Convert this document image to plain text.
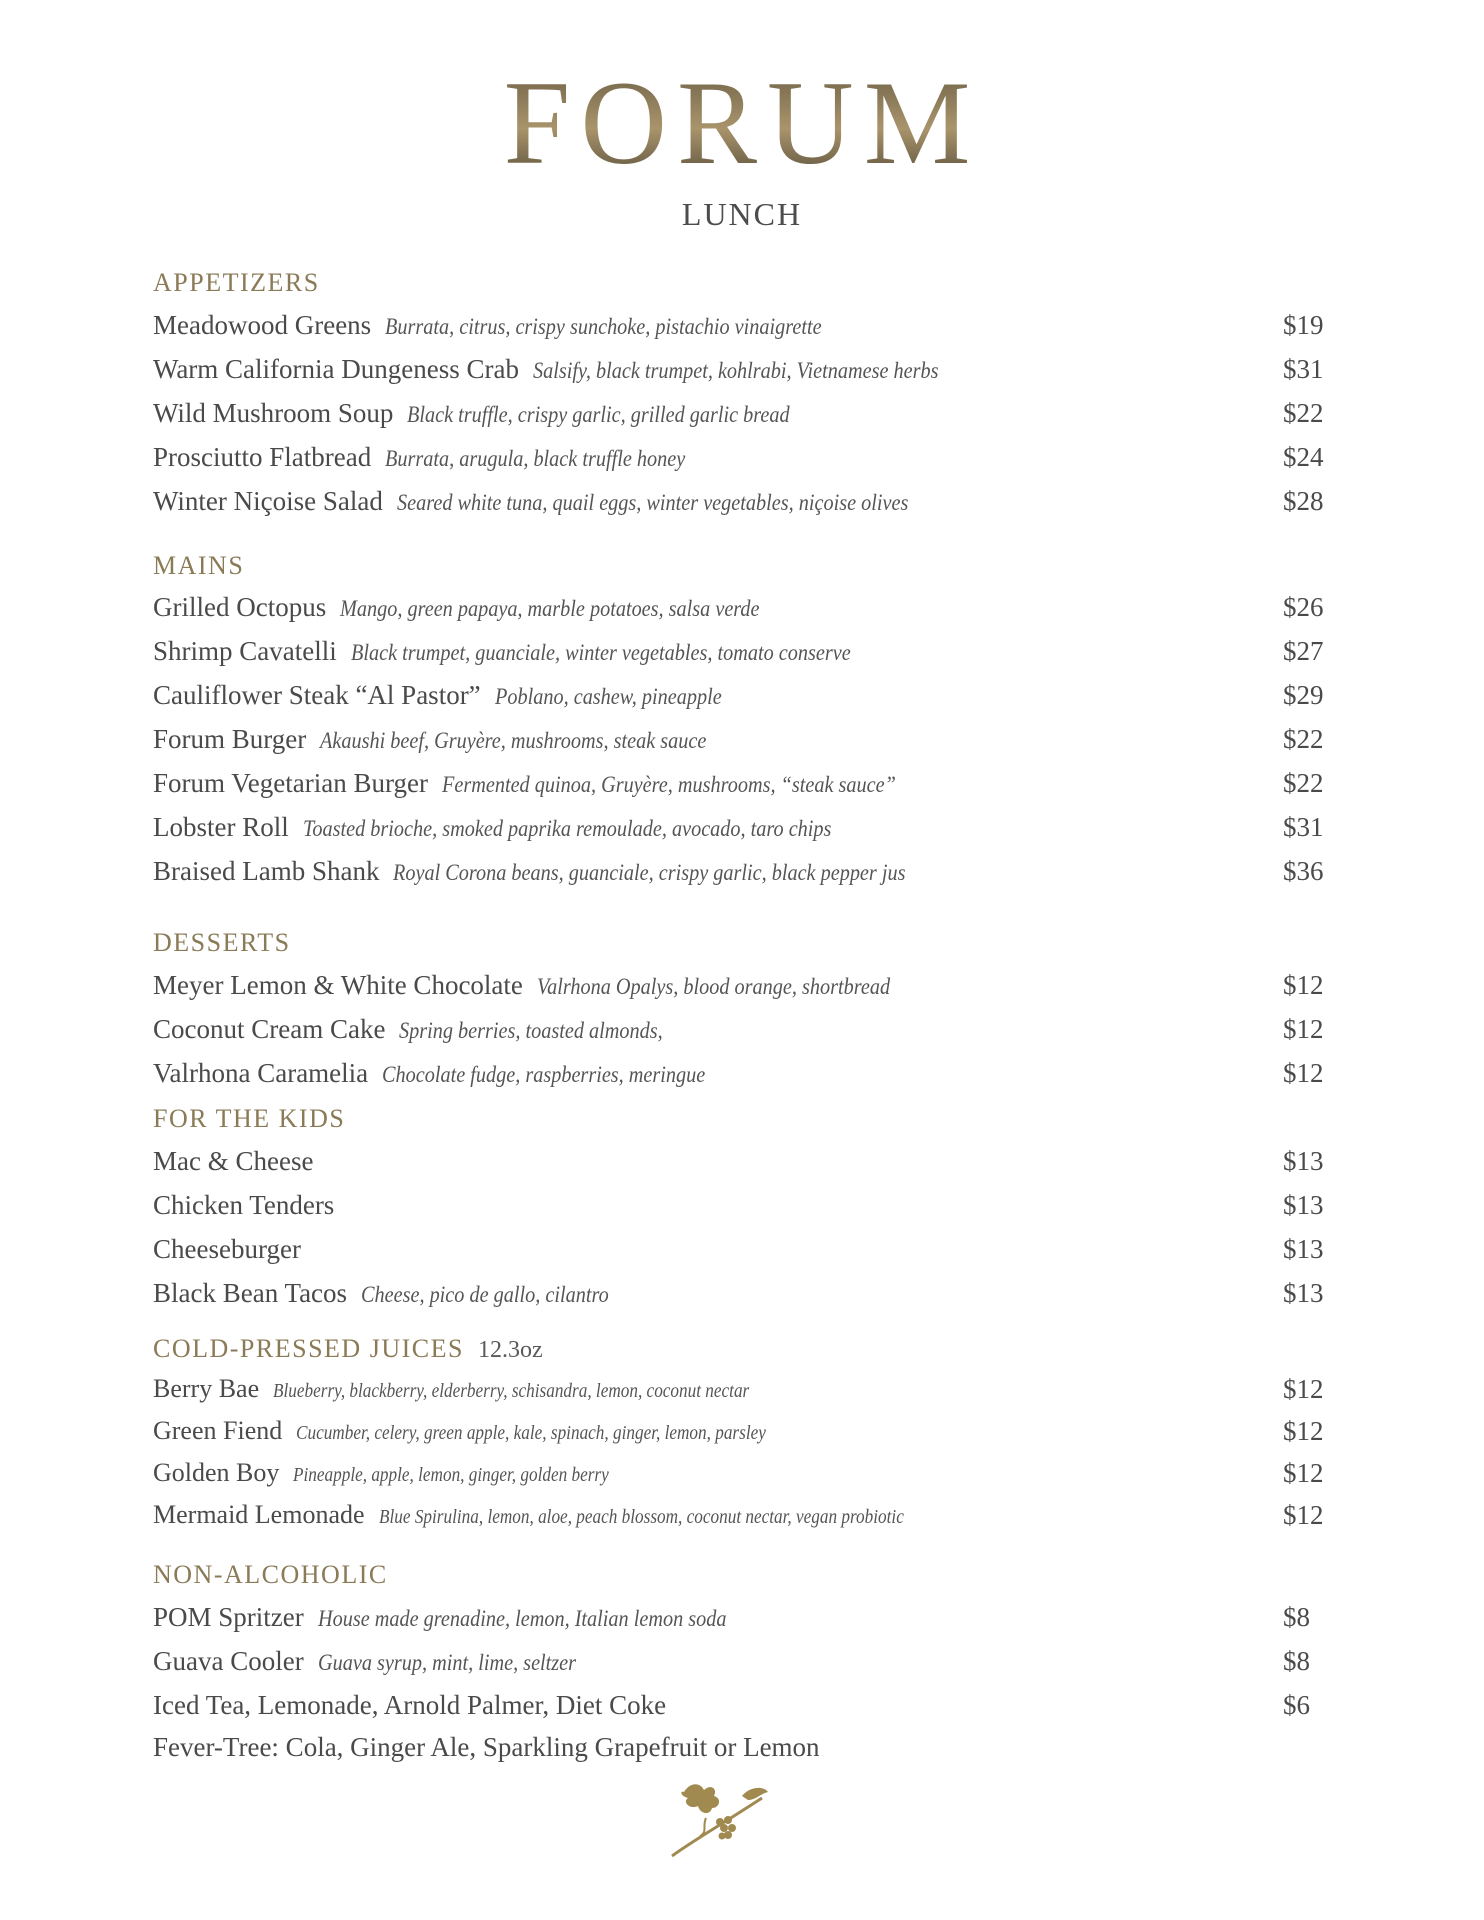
FORUM
LUNCH
APPETIZERS
Meadowood Greens Burrata, citrus, crispy sunchoke, pistachio vinaigrette	$19
Warm California Dungeness Crab Salsify, black trumpet, kohlrabi, Vietnamese herbs	$31
Wild Mushroom Soup Black truffle, crispy garlic, grilled garlic bread	$22
Prosciutto Flatbread Burrata, arugula, black truffle honey	$24
Winter Niçoise Salad Seared white tuna, quail eggs, winter vegetables, niçoise olives	$28
MAINS
Grilled Octopus Mango, green papaya, marble potatoes, salsa verde	$26
Shrimp Cavatelli Black trumpet, guanciale, winter vegetables, tomato conserve	$27
Cauliflower Steak “Al Pastor” Poblano, cashew, pineapple	$29
Forum Burger Akaushi beef, Gruyère, mushrooms, steak sauce	$22
Forum Vegetarian Burger Fermented quinoa, Gruyère, mushrooms, “steak sauce”	$22
Lobster Roll Toasted brioche, smoked paprika remoulade, avocado, taro chips	$31
Braised Lamb Shank Royal Corona beans, guanciale, crispy garlic, black pepper jus	$36
DESSERTS
Meyer Lemon & White Chocolate Valrhona Opalys, blood orange, shortbread	$12
Coconut Cream Cake Spring berries, toasted almonds,	$12
Valrhona Caramelia Chocolate fudge, raspberries, meringue	$12
FOR THE KIDS
Mac & Cheese	$13
Chicken Tenders	$13
Cheeseburger	$13
Black Bean Tacos Cheese, pico de gallo, cilantro	$13
COLD-PRESSED JUICES 12.3oz
Berry Bae Blueberry, blackberry, elderberry, schisandra, lemon, coconut nectar	$12
Green Fiend Cucumber, celery, green apple, kale, spinach, ginger, lemon, parsley	$12
Golden Boy Pineapple, apple, lemon, ginger, golden berry	$12
Mermaid Lemonade Blue Spirulina, lemon, aloe, peach blossom, coconut nectar, vegan probiotic	$12
NON-ALCOHOLIC
POM Spritzer House made grenadine, lemon, Italian lemon soda	$8
Guava Cooler Guava syrup, mint, lime, seltzer	$8
Iced Tea, Lemonade, Arnold Palmer, Diet Coke	$6
Fever-Tree: Cola, Ginger Ale, Sparkling Grapefruit or Lemon
